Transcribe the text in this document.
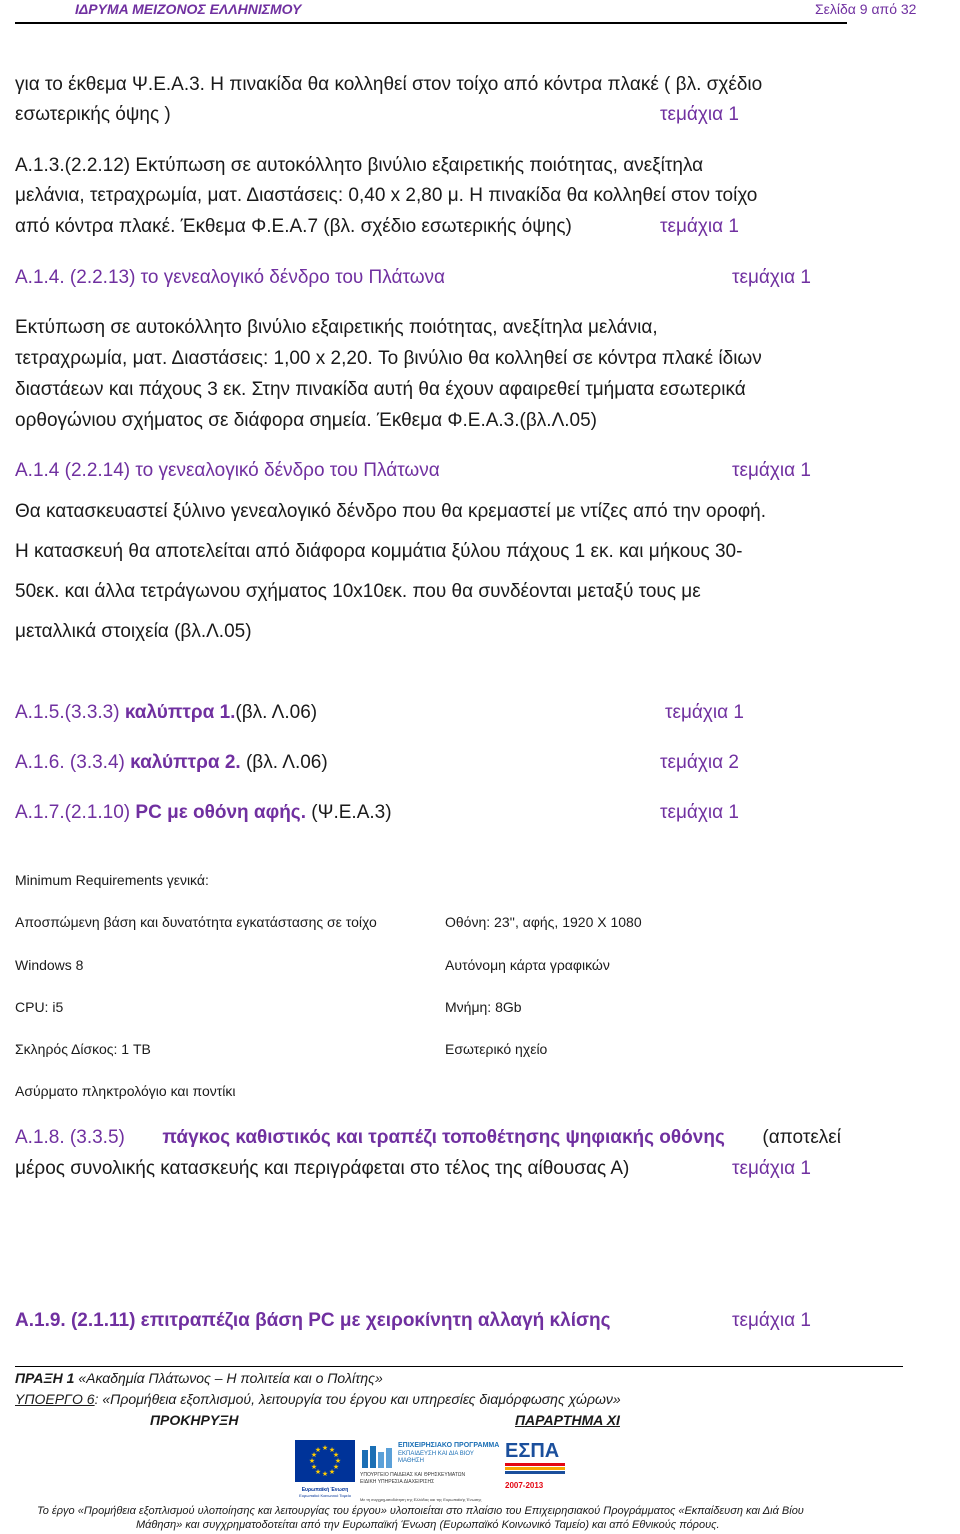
ΙΔΡΥΜΑ ΜΕΙΖΟΝΟΣ ΕΛΛΗΝΙΣΜΟΥ	Σελίδα 9 από 32
για το έκθεμα Ψ.Ε.Α.3. Η πινακίδα θα κολληθεί στον τοίχο από κόντρα πλακέ ( βλ. σχέδιο
εσωτερικής όψης )	τεμάχια 1
Α.1.3.(2.2.12) Εκτύπωση σε αυτοκόλλητο βινύλιο εξαιρετικής ποιότητας, ανεξίτηλα
μελάνια, τετραχρωμία, ματ. Διαστάσεις: 0,40 x 2,80 μ. Η πινακίδα θα κολληθεί στον τοίχο
από κόντρα πλακέ. Έκθεμα Φ.Ε.Α.7 (βλ. σχέδιο εσωτερικής όψης)	τεμάχια 1
Α.1.4. (2.2.13) το γενεαλογικό δένδρο του Πλάτωνα	τεμάχια 1
Εκτύπωση σε αυτοκόλλητο βινύλιο εξαιρετικής ποιότητας, ανεξίτηλα μελάνια,
τετραχρωμία, ματ. Διαστάσεις: 1,00 x 2,20. Το βινύλιο θα κολληθεί σε κόντρα πλακέ ίδιων
διαστάεων και πάχους 3 εκ. Στην πινακίδα αυτή θα έχουν αφαιρεθεί τμήματα εσωτερικά
ορθογώνιου σχήματος σε διάφορα σημεία. Έκθεμα Φ.Ε.Α.3.(βλ.Λ.05)
Α.1.4 (2.2.14) το γενεαλογικό δένδρο του Πλάτωνα	τεμάχια 1
Θα κατασκευαστεί ξύλινο γενεαλογικό δένδρο που θα κρεμαστεί με ντίζες από την οροφή.
Η κατασκευή θα αποτελείται από διάφορα κομμάτια ξύλου πάχους 1 εκ. και μήκους 30-
50εκ. και άλλα τετράγωνου σχήματος 10x10εκ. που θα συνδέονται μεταξύ τους με
μεταλλικά στοιχεία (βλ.Λ.05)
Α.1.5.(3.3.3) καλύπτρα 1.(βλ. Λ.06)	τεμάχια 1
Α.1.6. (3.3.4) καλύπτρα 2. (βλ. Λ.06)	τεμάχια 2
Α.1.7.(2.1.10) PC με οθόνη αφής. (Ψ.Ε.Α.3)	τεμάχια 1
Minimum Requirements γενικά:
Αποσπώμενη βάση και δυνατότητα εγκατάστασης σε τοίχο	Οθόνη: 23'', αφής, 1920 X 1080
Windows 8	Αυτόνομη κάρτα γραφικών
CPU: i5	Μνήμη: 8Gb
Σκληρός Δίσκος: 1 TB	Εσωτερικό ηχείο
Ασύρματο πληκτρολόγιο και ποντίκι
Α.1.8. (3.3.5) πάγκος καθιστικός και τραπέζι τοποθέτησης ψηφιακής οθόνης (αποτελεί
μέρος συνολικής κατασκευής και περιγράφεται στο τέλος της αίθουσας Α)	τεμάχια 1
Α.1.9. (2.1.11) επιτραπέζια βάση PC με χειροκίνητη αλλαγή κλίσης	τεμάχια 1
ΠΡΑΞΗ 1 «Ακαδημία Πλάτωνος – Η πολιτεία και ο Πολίτης»
ΥΠΟΕΡΓΟ 6: «Προμήθεια εξοπλισμού, λειτουργία του έργου και υπηρεσίες διαμόρφωσης χώρων»
ΠΡΟΚΗΡΥΞΗ	ΠΑΡΑΡΤΗΜΑ XI
★ ★
★
★
★
★
★
★
★
★
★
★
Ευρωπαϊκή Ένωση
Ευρωπαϊκό Κοινωνικό Ταμείο
ΕΠΙΧΕΙΡΗΣΙΑΚΟ ΠΡΟΓΡΑΜΜΑ
ΕΚΠΑΙΔΕΥΣΗ ΚΑΙ ΔΙΑ ΒΙΟΥ ΜΑΘΗΣΗ
ΥΠΟΥΡΓΕΙΟ ΠΑΙΔΕΙΑΣ ΚΑΙ ΘΡΗΣΚΕΥΜΑΤΩΝ
ΕΙΔΙΚΗ ΥΠΗΡΕΣΙΑ ΔΙΑΧΕΙΡΙΣΗΣ
ΕΣΠΑ
2007-2013
Με τη συγχρηματοδότηση της Ελλάδας και της Ευρωπαϊκής Ένωσης
Το έργο «Προμήθεια εξοπλισμού υλοποίησης και λειτουργίας του έργου» υλοποιείται στο πλαίσιο του Επιχειρησιακού Προγράμματος «Εκπαίδευση και Διά Βίου
Μάθηση» και συγχρηματοδοτείται από την Ευρωπαϊκή Ένωση (Ευρωπαϊκό Κοινωνικό Ταμείο) και από Εθνικούς πόρους.
